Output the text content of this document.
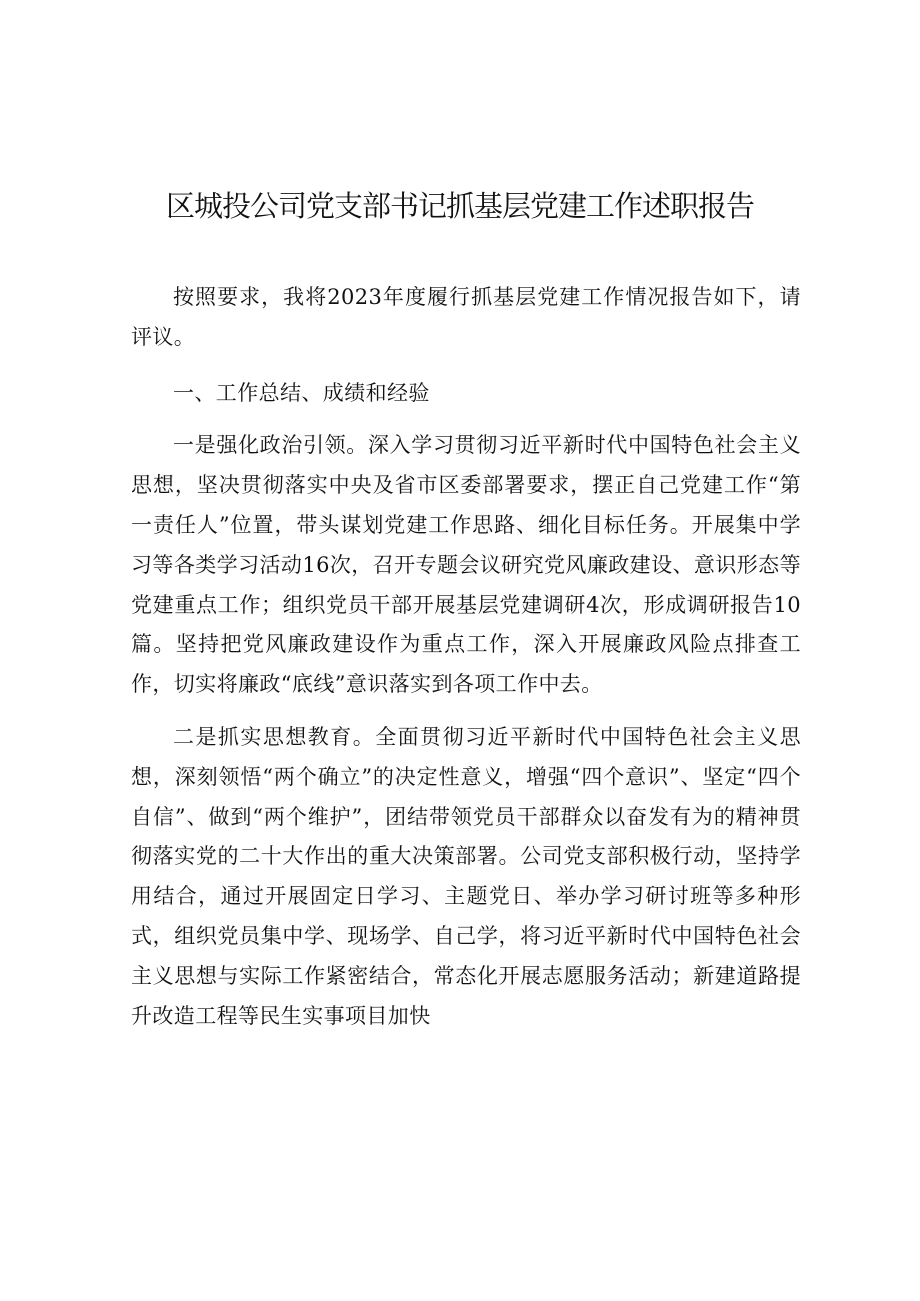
区城投公司党支部书记抓基层党建工作述职报告

按照要求，我将2023年度履行抓基层党建工作情况报告如下，请评议。

一、工作总结、成绩和经验

一是强化政治引领。深入学习贯彻习近平新时代中国特色社会主义思想，坚决贯彻落实中央及省市区委部署要求，摆正自己党建工作“第一责任人”位置，带头谋划党建工作思路、细化目标任务。开展集中学习等各类学习活动16次，召开专题会议研究党风廉政建设、意识形态等党建重点工作；组织党员干部开展基层党建调研4次，形成调研报告10篇。坚持把党风廉政建设作为重点工作，深入开展廉政风险点排查工作，切实将廉政“底线”意识落实到各项工作中去。

二是抓实思想教育。全面贯彻习近平新时代中国特色社会主义思想，深刻领悟“两个确立”的决定性意义，增强“四个意识”、坚定“四个自信”、做到“两个维护”，团结带领党员干部群众以奋发有为的精神贯彻落实党的二十大作出的重大决策部署。公司党支部积极行动，坚持学用结合，通过开展固定日学习、主题党日、举办学习研讨班等多种形式，组织党员集中学、现场学、自己学，将习近平新时代中国特色社会主义思想与实际工作紧密结合，常态化开展志愿服务活动；新建道路提升改造工程等民生实事项目加快
